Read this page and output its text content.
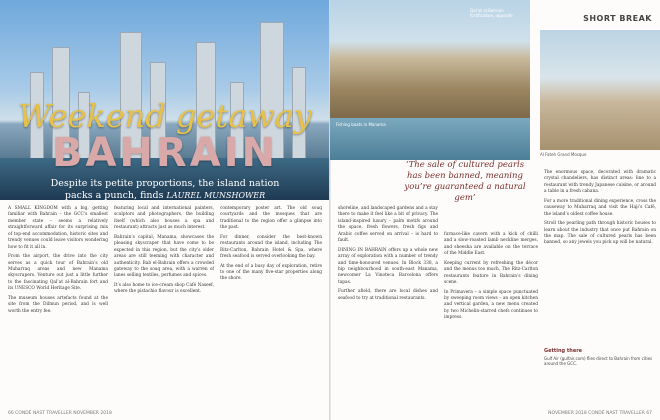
Weekend getaway
BAHRAIN
Despite its petite proportions, the island nation packs a punch, finds LAUREL MUNSHOWER

A SMALL KINGDOM with a big, getting familiar with Bahrain – the GCC’s smallest member state – seems a relatively straightforward affair for its surprising mix of top-end accommodation, historic sites and trendy venues could leave visitors wondering how to fit it all in.

From the airport, the drive into the city serves as a quick tour of Bahrain’s old Muharraq areas and new Manama skyscrapers. Venture out just a little further to the fascinating Qal’at al-Bahrain fort and its UNESCO World Heritage Site.

The museum houses artefacts found at the site from the Dilmun period, and is well worth the entry fee.

featuring local and international painters, sculptors and photographers, the building itself (which also houses a spa and restaurant) attracts just as much interest.

Bahrain’s capital, Manama, showcases the pleasing skyscraper that have come to be expected in this region, but the city’s older areas are still teeming with character and authenticity. Bab el-Bahrain offers a crowded gateway to the souq area, with a warren of lanes selling textiles, perfumes and spices.

It’s also home to ice-cream shop Café Naseef, where the pistachio flavour is excellent.

contemporary poster art. The old souq courtyards and the mosques that are traditional to the region offer a glimpse into the past.

For dinner, consider the best-known restaurants around the island, including The Ritz-Carlton, Bahrain Hotel & Spa, where fresh seafood is served overlooking the bay.

At the end of a busy day of exploration, retire to one of the many five-star properties along the shore.

66 CONDÉ NAST TRAVELLER NOVEMBER 2018
Qal’at al-Bahrain fortification, opposite
Fishing boats in Manama
SHORT BREAK
Al Fateh Grand Mosque
‘The sale of cultured pearls has been banned, meaning you’re guaranteed a natural gem’

shoreline, and landscaped gardens and a stay there to make it feel like a bit of privacy. The island-inspired luxury – palm motifs around the space, fresh flowers, fresh figs and Arabic coffee served on arrival – is hard to fault.

DINING IN BAHRAIN offers up a whole new array of exploration with a number of trendy and time-honoured venues. In Block 338, a hip neighbourhood in south-east Manama, newcomer La Vinoteca Barcelona offers tapas.

Further afield, there are local dishes and seafood to try at traditional restaurants.

furnace-like cavern with a kick of chilli and a slow-roasted lamb neckline merges, and sheesha are available on the terrace of the Middle East.

Keeping current by refreshing the décor and the menus too much, The Ritz-Carlton restaurants feature in Bahrain’s dining scene.

In Primavera – a simple space punctuated by sweeping room views – an open kitchen and vertical garden, a new menu created by two Michelin-starred chefs continues to impress.

The enormous space, decorated with dramatic crystal chandeliers, has distinct areas: line to a restaurant with trendy Japanese cuisine, or around a table in a fresh cabana.

For a more traditional dining experience, cross the causeway to Muharraq and visit the Haji’s Café, the island’s oldest coffee house.

Stroll the pearling path through historic houses to learn about the industry that once put Bahrain on the map. The sale of cultured pearls has been banned, so any jewels you pick up will be natural.

Getting there
Gulf Air (gulfair.com) flies direct to Bahrain from cities around the GCC.
NOVEMBER 2018 CONDÉ NAST TRAVELLER 67
